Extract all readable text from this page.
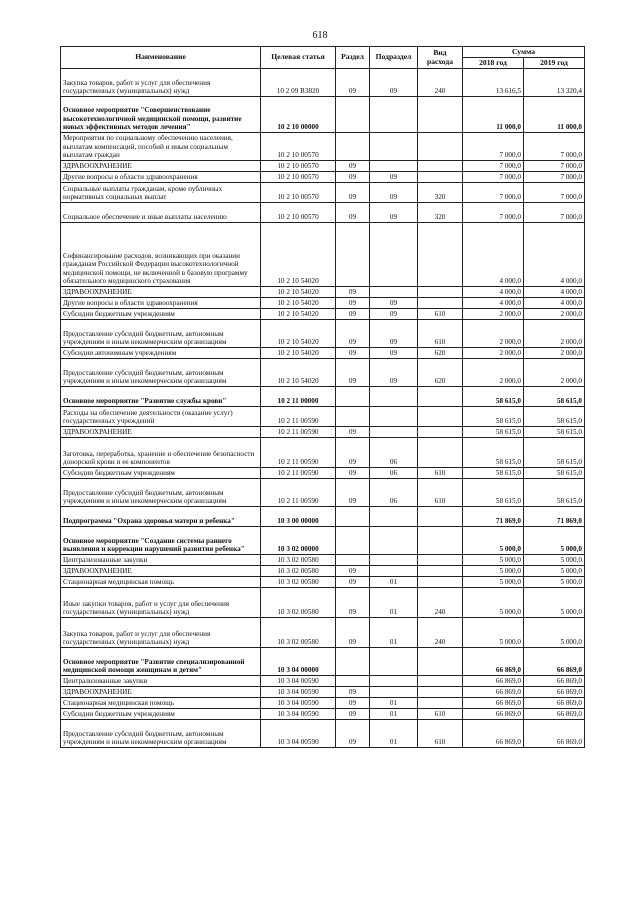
618
Наименование	Целевая статья	Раздел	Подраздел	Вид расхода	Сумма	
					2018 год	2019 год
Закупка товаров, работ и услуг для обеспечения государственных (муниципальных) нужд	10 2 09 R3820	09	09	240	13 616,5	13 320,4
Основное мероприятие "Совершенствование высокотехнологичной медицинской помощи, развитие новых эффективных методов лечения"	10 2 10 00000				11 000,0	11 000,0
Мероприятия по социальному обеспечению населения, выплатам компенсаций, пособий и иным социальным выплатам граждан	10 2 10 00570				7 000,0	7 000,0
ЗДРАВООХРАНЕНИЕ	10 2 10 00570	09			7 000,0	7 000,0
Другие вопросы в области здравоохранения	10 2 10 00570	09	09		7 000,0	7 000,0
Социальные выплаты гражданам, кроме публичных нормативных социальных выплат	10 2 10 00570	09	09	320	7 000,0	7 000,0
Социальное обеспечение и иные выплаты населению	10 2 10 00570	09	09	320	7 000,0	7 000,0
Софинансирование расходов, возникающих при оказании гражданам Российской Федерации высокотехнологичной медицинской помощи, не включенной в базовую программу обязательного медицинского страхования	10 2 10 54020				4 000,0	4 000,0
ЗДРАВООХРАНЕНИЕ	10 2 10 54020	09			4 000,0	4 000,0
Другие вопросы в области здравоохранения	10 2 10 54020	09	09		4 000,0	4 000,0
Субсидии бюджетным учреждениям	10 2 10 54020	09	09	610	2 000,0	2 000,0
Предоставление субсидий бюджетным, автономным учреждениям и иным некоммерческим организациям	10 2 10 54020	09	09	610	2 000,0	2 000,0
Субсидии автономным учреждениям	10 2 10 54020	09	09	620	2 000,0	2 000,0
Предоставление субсидий бюджетным, автономным учреждениям и иным некоммерческим организациям	10 2 10 54020	09	09	620	2 000,0	2 000,0
Основное мероприятие "Развитие службы крови"	10 2 11 00000				58 615,0	58 615,0
Расходы на обеспечение деятельности (оказание услуг) государственных учреждений	10 2 11 00590				58 615,0	58 615,0
ЗДРАВООХРАНЕНИЕ	10 2 11 00590	09			58 615,0	58 615,0
Заготовка, переработка, хранение и обеспечение безопасности донорской крови и ее компонентов	10 2 11 00590	09	06		58 615,0	58 615,0
Субсидии бюджетным учреждениям	10 2 11 00590	09	06	610	58 615,0	58 615,0
Предоставление субсидий бюджетным, автономным учреждениям и иным некоммерческим организациям	10 2 11 00590	09	06	610	58 615,0	58 615,0
Подпрограмма "Охрана здоровья матери и ребенка"	10 3 00 00000				71 869,0	71 869,0
Основное мероприятие "Создание системы раннего выявления и коррекции нарушений развития ребенка"	10 3 02 00000				5 000,0	5 000,0
Централизованные закупки	10 3 02 00580				5 000,0	5 000,0
ЗДРАВООХРАНЕНИЕ	10 3 02 00580	09			5 000,0	5 000,0
Стационарная медицинская помощь	10 3 02 00580	09	01		5 000,0	5 000,0
Иные закупки товаров, работ и услуг для обеспечения государственных (муниципальных) нужд	10 3 02 00580	09	01	240	5 000,0	5 000,0
Закупка товаров, работ и услуг для обеспечения государственных (муниципальных) нужд	10 3 02 00580	09	01	240	5 000,0	5 000,0
Основное мероприятие "Развитие специализированной медицинской помощи женщинам и детям"	10 3 04 00000				66 869,0	66 869,0
Централизованные закупки	10 3 04 00590				66 869,0	66 869,0
ЗДРАВООХРАНЕНИЕ	10 3 04 00590	09			66 869,0	66 869,0
Стационарная медицинская помощь	10 3 04 00590	09	01		66 869,0	66 869,0
Субсидии бюджетным учреждениям	10 3 04 00590	09	01	610	66 869,0	66 869,0
Предоставление субсидий бюджетным, автономным учреждениям и иным некоммерческим организациям	10 3 04 00590	09	01	610	66 869,0	66 869,0
